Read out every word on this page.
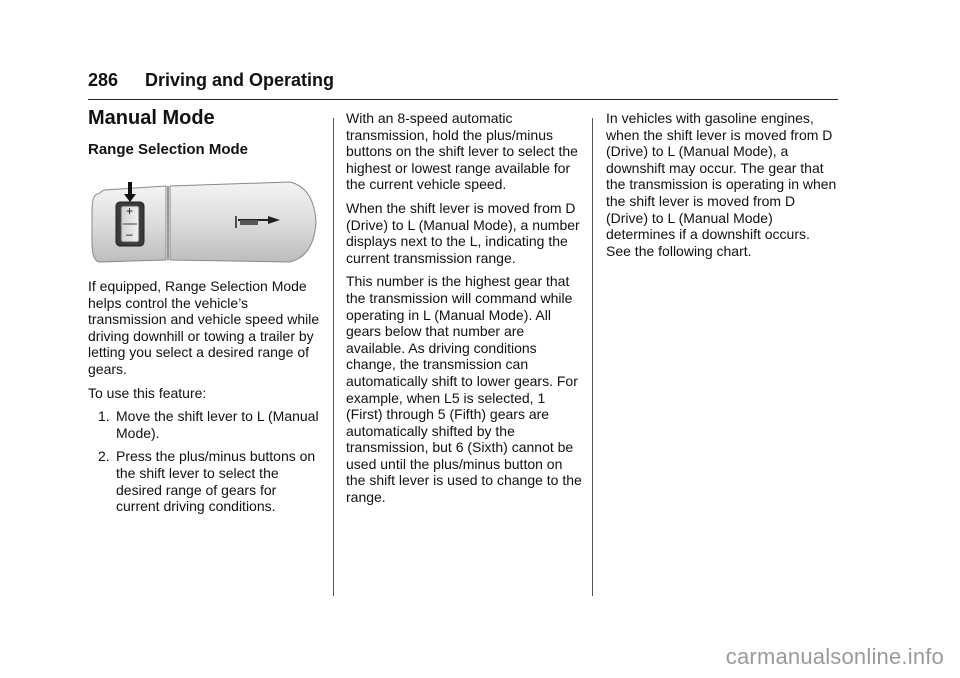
286 Driving and Operating
Manual Mode
Range Selection Mode
+
–

If equipped, Range Selection Mode helps control the vehicle’s transmission and vehicle speed while driving downhill or towing a trailer by letting you select a desired range of gears.

To use this feature:

1. Move the shift lever to L (Manual Mode).
2. Press the plus/minus buttons on the shift lever to select the desired range of gears for current driving conditions.

With an 8-speed automatic transmission, hold the plus/minus buttons on the shift lever to select the highest or lowest range available for the current vehicle speed.

When the shift lever is moved from D (Drive) to L (Manual Mode), a number displays next to the L, indicating the current transmission range.

This number is the highest gear that the transmission will command while operating in L (Manual Mode). All gears below that number are available. As driving conditions change, the transmission can automatically shift to lower gears. For example, when L5 is selected, 1 (First) through 5 (Fifth) gears are automatically shifted by the transmission, but 6 (Sixth) cannot be used until the plus/minus button on the shift lever is used to change to the range.

In vehicles with gasoline engines, when the shift lever is moved from D (Drive) to L (Manual Mode), a downshift may occur. The gear that the transmission is operating in when the shift lever is moved from D (Drive) to L (Manual Mode) determines if a downshift occurs. See the following chart.

carmanualsonline.info
